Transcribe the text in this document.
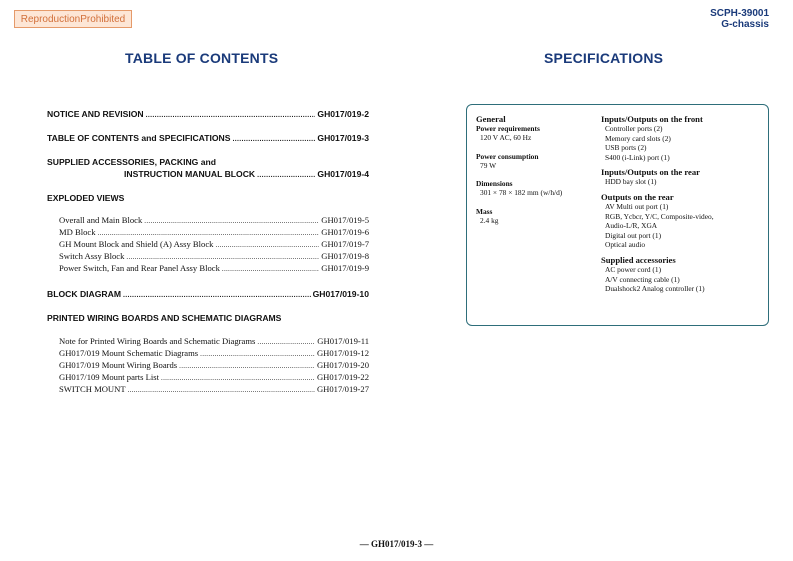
ReproductionProhibited
SCPH-39001
G-chassis
TABLE OF CONTENTS	SPECIFICATIONS
NOTICE AND REVISION .....	GH017/019-2
TABLE OF CONTENTS and SPECIFICATIONS .....	GH017/019-3
SUPPLIED ACCESSORIES, PACKING and
INSTRUCTION MANUAL BLOCK .....	GH017/019-4
EXPLODED VIEWS
Overall and Main Block .....	GH017/019-5
MD Block .....	GH017/019-6
GH Mount Block and Shield (A) Assy Block .....	GH017/019-7
Switch Assy Block .....	GH017/019-8
Power Switch, Fan and Rear Panel Assy Block .....	GH017/019-9
BLOCK DIAGRAM .....	GH017/019-10
PRINTED WIRING BOARDS AND SCHEMATIC DIAGRAMS
Note for Printed Wiring Boards and Schematic Diagrams .....	GH017/019-11
GH017/019 Mount Schematic Diagrams .....	GH017/019-12
GH017/019 Mount Wiring Boards .....	GH017/019-20
GH017/109 Mount parts List .....	GH017/019-22
SWITCH MOUNT .....	GH017/019-27
General
Power requirements
120 V AC, 60 Hz
Power consumption
79 W
Dimensions
301 × 78 × 182 mm (w/h/d)
Mass
2.4 kg
Inputs/Outputs on the front
Controller ports (2)
Memory card slots (2)
USB ports (2)
S400 (i-Link) port (1)
Inputs/Outputs on the rear
HDD bay slot (1)
Outputs on the rear
AV Multi out port (1)
RGB, Ycbcr, Y/C, Composite-video,
Audio-L/R, XGA
Digital out port (1)
Optical audio
Supplied accessories
AC power cord (1)
A/V connecting cable (1)
Dualshock2 Analog controller (1)
— GH017/019-3 —
